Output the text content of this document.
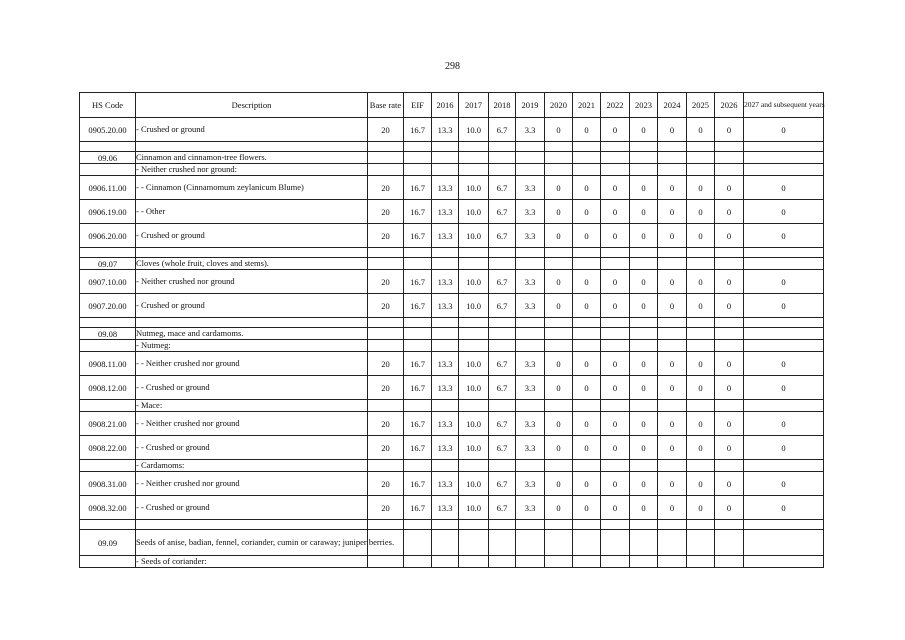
298
HS Code	Description	Base rate	EIF	2016	2017	2018	2019	2020	2021	2022	2023	2024	2025	2026	2027 and subsequent years
0905.20.00	- Crushed or ground	20	16.7	13.3	10.0	6.7	3.3	0	0	0	0	0	0	0	0

09.06	Cinnamon and cinnamon-tree flowers.														
	- Neither crushed nor ground:														
0906.11.00	- - Cinnamon (Cinnamomum zeylanicum Blume)	20	16.7	13.3	10.0	6.7	3.3	0	0	0	0	0	0	0	0
0906.19.00	- - Other	20	16.7	13.3	10.0	6.7	3.3	0	0	0	0	0	0	0	0
0906.20.00	- Crushed or ground	20	16.7	13.3	10.0	6.7	3.3	0	0	0	0	0	0	0	0

09.07	Cloves (whole fruit, cloves and stems).														
0907.10.00	- Neither crushed nor ground	20	16.7	13.3	10.0	6.7	3.3	0	0	0	0	0	0	0	0
0907.20.00	- Crushed or ground	20	16.7	13.3	10.0	6.7	3.3	0	0	0	0	0	0	0	0

09.08	Nutmeg, mace and cardamoms.														
	- Nutmeg:														
0908.11.00	- - Neither crushed nor ground	20	16.7	13.3	10.0	6.7	3.3	0	0	0	0	0	0	0	0
0908.12.00	- - Crushed or ground	20	16.7	13.3	10.0	6.7	3.3	0	0	0	0	0	0	0	0
	- Mace:														
0908.21.00	- - Neither crushed nor ground	20	16.7	13.3	10.0	6.7	3.3	0	0	0	0	0	0	0	0
0908.22.00	- - Crushed or ground	20	16.7	13.3	10.0	6.7	3.3	0	0	0	0	0	0	0	0
	- Cardamoms:														
0908.31.00	- - Neither crushed nor ground	20	16.7	13.3	10.0	6.7	3.3	0	0	0	0	0	0	0	0
0908.32.00	- - Crushed or ground	20	16.7	13.3	10.0	6.7	3.3	0	0	0	0	0	0	0	0

09.09	Seeds of anise, badian, fennel, coriander, cumin or caraway; juniper berries.														
	- Seeds of coriander:														
